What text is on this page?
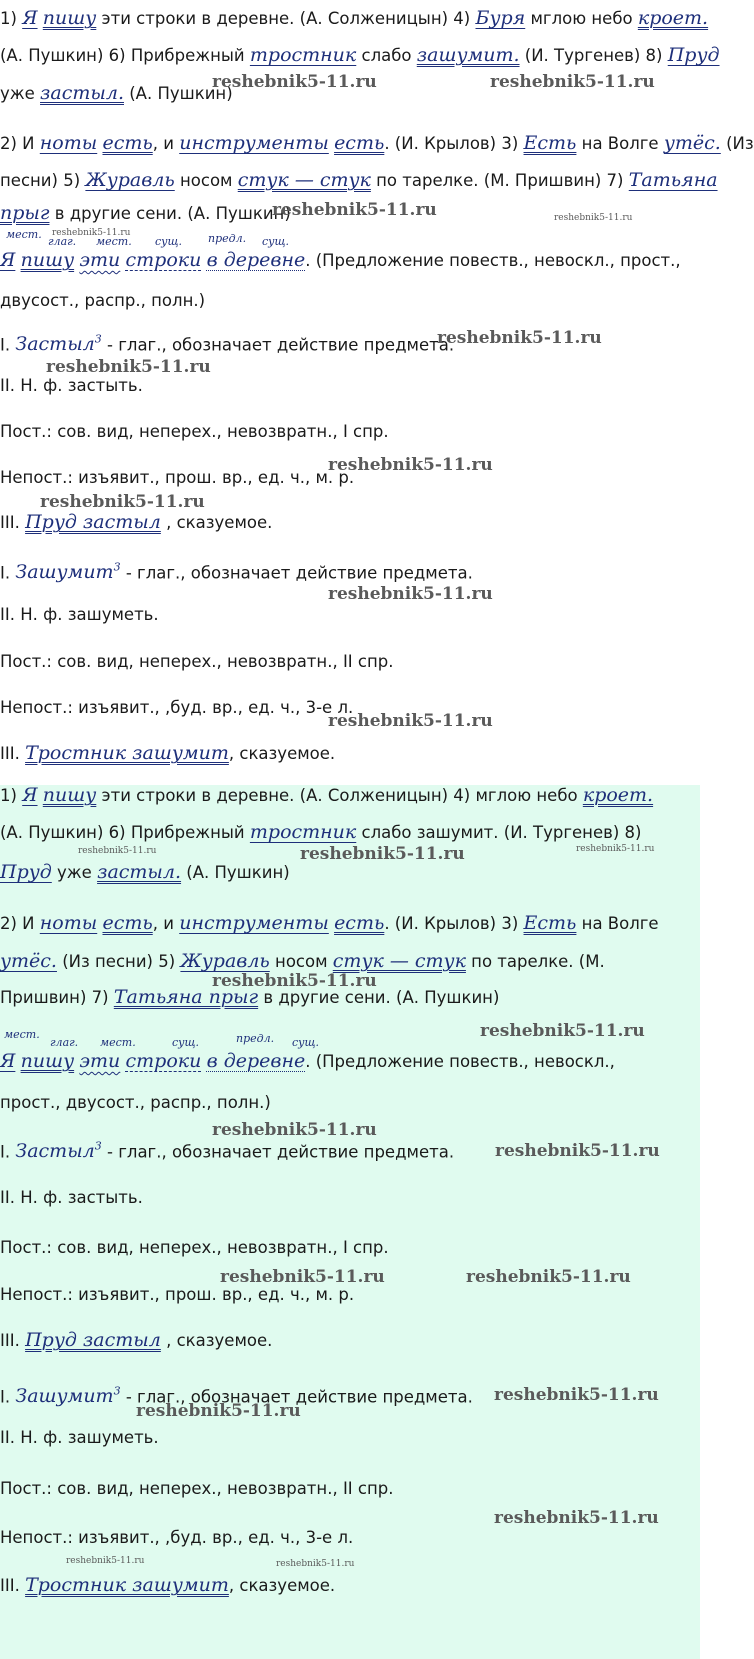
1) Я пишу эти строки в деревне. (А. Солженицын) 4) Буря мглою небо кроет.
(А. Пушкин) 6) Прибрежный тростник слабо зашумит. (И. Тургенев) 8) Пруд
уже застыл. (А. Пушкин)
2) И ноты есть, и инструменты есть. (И. Крылов) 3) Есть на Волге утёс. (Из
песни) 5) Журавль носом стук — стук по тарелке. (М. Пришвин) 7) Татьяна
прыг в другие сени. (А. Пушкин)
мест.
глаг. мест. сущ. предл. сущ.
Я пишу эти строки в деревне. (Предложение повеств., невоскл., прост.,
двусост., распр., полн.)
I. Застыл$^3$ - глаг., обозначает действие предмета.
II. Н. ф. застыть.
Пост.: сов. вид, неперех., невозвратн., I спр.
Непост.: изъявит., прош. вр., ед. ч., м. р.
III. Пруд застыл , сказуемое.
I. Зашумит$^3$ - глаг., обозначает действие предмета.
II. Н. ф. зашуметь.
Пост.: сов. вид, неперех., невозвратн., II спр.
Непост.: изъявит., ,буд. вр., ед. ч., 3-е л.
III. Тростник зашумит, сказуемое.
reshebnik5-11.ru	reshebnik5-11.ru
reshebnik5-11.ru	reshebnik5-11.ru
reshebnik5-11.ru
reshebnik5-11.ru
reshebnik5-11.ru
reshebnik5-11.ru
reshebnik5-11.ru
reshebnik5-11.ru
reshebnik5-11.ru
1) Я пишу эти строки в деревне. (А. Солженицын) 4) мглою небо кроет.
(А. Пушкин) 6) Прибрежный тростник слабо зашумит. (И. Тургенев) 8)
Пруд уже застыл. (А. Пушкин)
2) И ноты есть, и инструменты есть. (И. Крылов) 3) Есть на Волге
утёс. (Из песни) 5) Журавль носом стук — стук по тарелке. (М.
Пришвин) 7) Татьяна прыг в другие сени. (А. Пушкин)
мест.
глаг. мест.	сущ.	предл. сущ.
Я пишу эти строки в деревне. (Предложение повеств., невоскл.,
прост., двусост., распр., полн.)
I. Застыл$^3$ - глаг., обозначает действие предмета.
II. Н. ф. застыть.
Пост.: сов. вид, неперех., невозвратн., I спр.
Непост.: изъявит., прош. вр., ед. ч., м. р.
III. Пруд застыл , сказуемое.
I. Зашумит$^3$ - глаг., обозначает действие предмета.
II. Н. ф. зашуметь.
Пост.: сов. вид, неперех., невозвратн., II спр.
Непост.: изъявит., ,буд. вр., ед. ч., 3-е л.
III. Тростник зашумит, сказуемое.
reshebnik5-11.ru	reshebnik5-11.ru	reshebnik5-11.ru
reshebnik5-11.ru
reshebnik5-11.ru
reshebnik5-11.ru
reshebnik5-11.ru
reshebnik5-11.ru	reshebnik5-11.ru
reshebnik5-11.ru
reshebnik5-11.ru
reshebnik5-11.ru
reshebnik5-11.ru	reshebnik5-11.ru
